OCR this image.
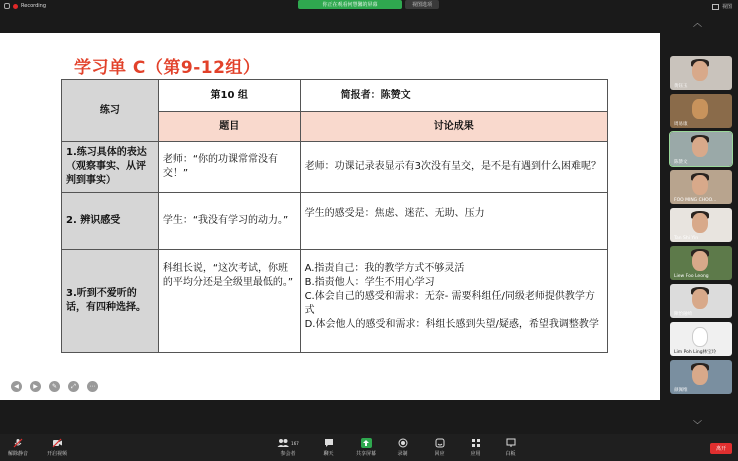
Recording	你正在观看何慧馨的屏幕	视图选项	视图
学习单 C（第9-12组）
练习	第10 组	简报者：陈赞文
	题目	讨论成果
1.练习具体的表达（观察事实、从评判到事实）	老师：“你的功课常常没有交！”	老师：功课记录表显示有3次没有呈交，是不是有遇到什么困难呢？
2. 辨识感受	学生：“我没有学习的动力。”	学生的感受是：焦虑、迷茫、无助、压力
3.听到不爱听的话，有四种选择。	科组长说，“这次考试，你班的平均分还是全级里最低的。”	A.指责自己：我的教学方式不够灵活
B.指责他人：学生不用心学习
C.体会自己的感受和需求：无奈- 需要科组任/同级老师提供教学方式
D.体会他人的感受和需求：科组长感到失望/疑惑，希望我调整教学
◀	▶	✎	⤢	⋯
︿
黄钰玉
周易康
陈赞文
FOO MING CHOO...
Tan Shi Yin
Liew Foo Leong
陳怡融崎
Lim Poh Ling林宝玲
颜佩维
﹀
解除静音	开启视频
167
参会者	聊天	共享屏幕	录制	回应	应用	白板
离开
